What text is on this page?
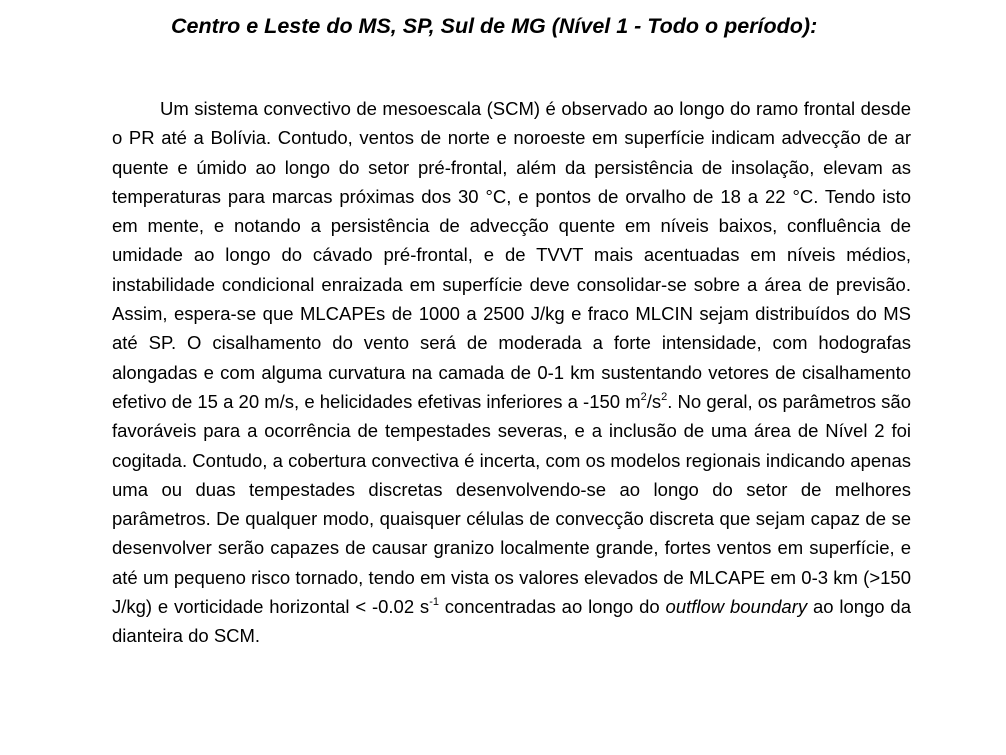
Centro e Leste do MS, SP, Sul de MG (Nível 1 - Todo o período):

Um sistema convectivo de mesoescala (SCM) é observado ao longo do ramo frontal desde o PR até a Bolívia. Contudo, ventos de norte e noroeste em superfície indicam advecção de ar quente e úmido ao longo do setor pré-frontal, além da persistência de insolação, elevam as temperaturas para marcas próximas dos 30 °C, e pontos de orvalho de 18 a 22 °C. Tendo isto em mente, e notando a persistência de advecção quente em níveis baixos, confluência de umidade ao longo do cávado pré-frontal, e de TVVT mais acentuadas em níveis médios, instabilidade condicional enraizada em superfície deve consolidar-se sobre a área de previsão. Assim, espera-se que MLCAPEs de 1000 a 2500 J/kg e fraco MLCIN sejam distribuídos do MS até SP. O cisalhamento do vento será de moderada a forte intensidade, com hodografas alongadas e com alguma curvatura na camada de 0-1 km sustentando vetores de cisalhamento efetivo de 15 a 20 m/s, e helicidades efetivas inferiores a -150 $m^2/s^2$. No geral, os parâmetros são favoráveis para a ocorrência de tempestades severas, e a inclusão de uma área de Nível 2 foi cogitada. Contudo, a cobertura convectiva é incerta, com os modelos regionais indicando apenas uma ou duas tempestades discretas desenvolvendo-se ao longo do setor de melhores parâmetros. De qualquer modo, quaisquer células de convecção discreta que sejam capaz de se desenvolver serão capazes de causar granizo localmente grande, fortes ventos em superfície, e até um pequeno risco tornado, tendo em vista os valores elevados de MLCAPE em 0-3 km (>150 J/kg) e vorticidade horizontal < -0.02 $s^{-1}$ concentradas ao longo do outflow boundary ao longo da dianteira do SCM.
